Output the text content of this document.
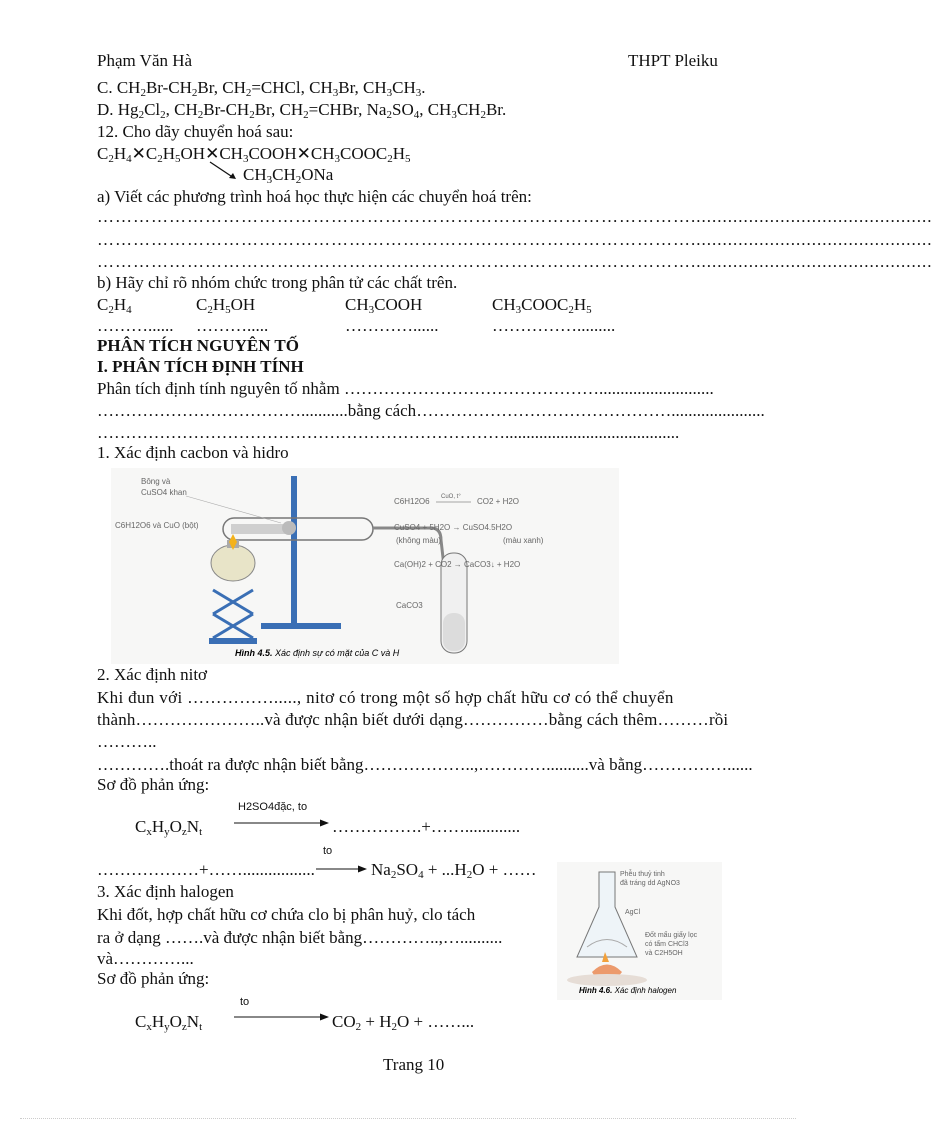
Phạm Văn Hà	THPT Pleiku
C. $CH_2Br-CH_2Br$, $CH_2=CHCl$, $CH_3Br$, $CH_3CH_3$.
D. $Hg_2Cl_2$, $CH_2Br-CH_2Br$, $CH_2=CHBr$, $Na_2SO_4$, $CH_3CH_2Br$.
12. Cho dãy chuyển hoá sau:
$C_2H_4✕C_2H_5OH✕CH_3COOH✕CH_3COOC_2H_5$
$CH_3CH_2ONa$
a) Viết các phương trình hoá học thực hiện các chuyển hoá trên:
………………………………………………………………………………………..............................................
………………………………………………………………………………………..............................................
………………………………………………………………………………………..............................................
b) Hãy chỉ rõ nhóm chức trong phân tử các chất trên.
$C_2H_4$	$C_2H_5OH$	$CH_3COOH$	$CH_3COOC_2H_5$
………...... ……….....	…………......	…………….........
PHÂN TÍCH NGUYÊN TỐ
I. PHÂN TÍCH ĐỊNH TÍNH
Phân tích định tính nguyên tố nhằm ………………………………………...........................
………………………………...........bằng cách………………………………………......................
……………………………………………………………….........................................
1. Xác định cacbon và hidro
Bông và
CuSO4 khan
C6H12O6 và CuO (bột)
C6H12O6 CuO, t° CO2 + H2O
CuSO4 + 5H2O → CuSO4.5H2O
(không màu)	(màu xanh)
Ca(OH)2 + CO2 → CaCO3↓ + H2O
CaCO3
Hình 4.5. Xác định sự có mặt của C và H
2. Xác định nitơ
Khi đun với ……………....., nitơ có trong một số hợp chất hữu cơ có thể chuyển
thành…………………..và được nhận biết dưới dạng……………bằng cách thêm………rồi
………..
………….thoát ra được nhận biết bằng………………..,…………..........và bằng……………......
Sơ đồ phản ứng:
$C_xH_yO_zN_t$
H2SO4đặc, to
…………….+…….............
………………+…….................
to
→ $Na_2SO_4 + ...H_2O$ + ……
3. Xác định halogen
Khi đốt, hợp chất hữu cơ chứa clo bị phân huỷ, clo tách
ra ở dạng …….và được nhận biết bằng…………..,…..........
và…………...
Sơ đồ phản ứng:
$C_xH_yO_zN_t$
to
$CO_2 + H_2O$ + ……...
Phễu thuỷ tinh
đã tráng dd AgNO3
AgCl
Đốt mẩu giấy lọc
có tẩm CHCl3
và C2H5OH
Hình 4.6. Xác định halogen
Trang 10
